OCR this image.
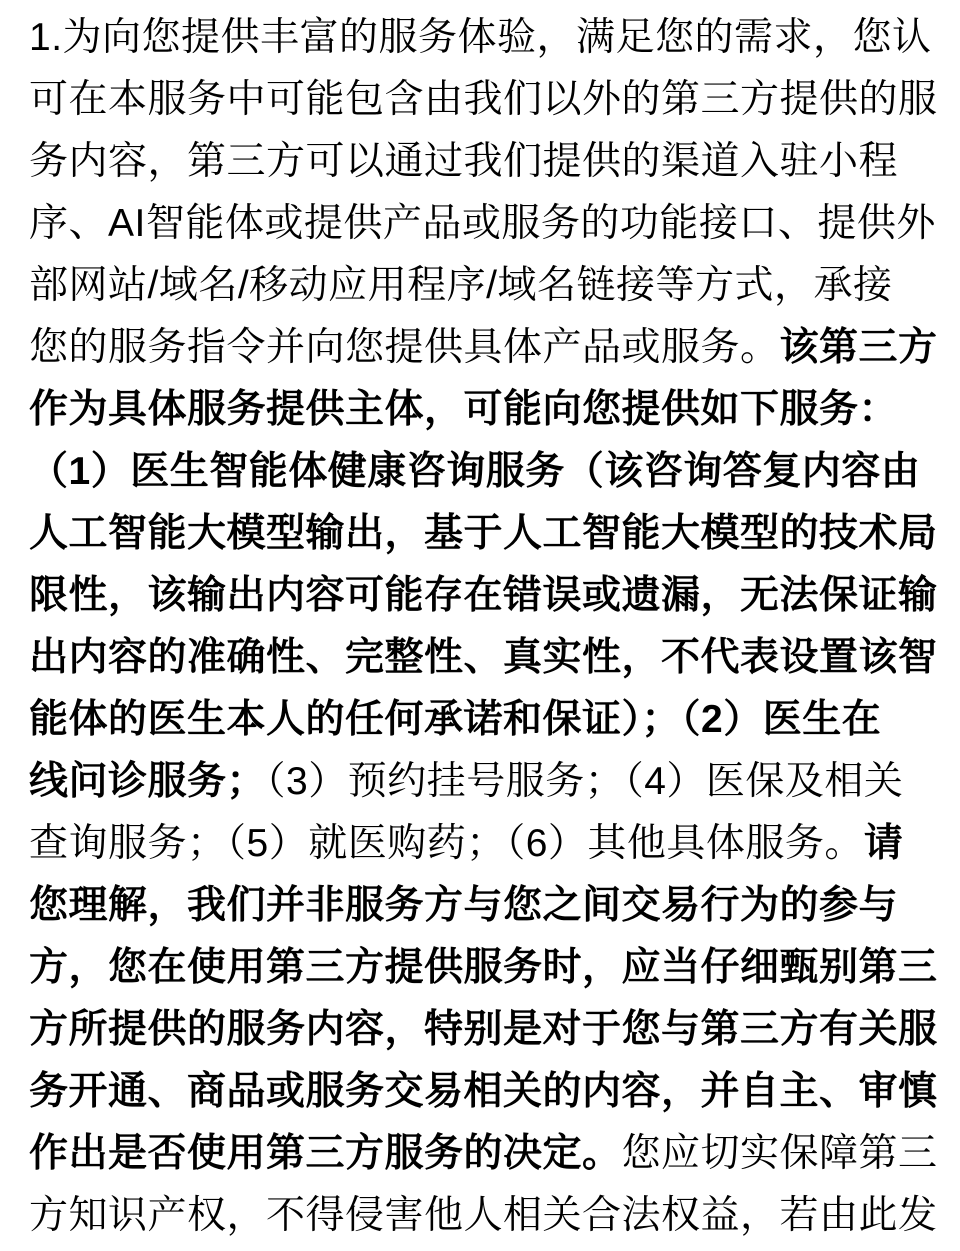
1.为向您提供丰富的服务体验，满足您的需求，您认
可在本服务中可能包含由我们以外的第三方提供的服
务内容，第三方可以通过我们提供的渠道入驻小程
序、AI智能体或提供产品或服务的功能接口、提供外
部网站/域名/移动应用程序/域名链接等方式，承接
您的服务指令并向您提供具体产品或服务。该第三方
作为具体服务提供主体，可能向您提供如下服务：
（1）医生智能体健康咨询服务（该咨询答复内容由
人工智能大模型输出，基于人工智能大模型的技术局
限性，该输出内容可能存在错误或遗漏，无法保证输
出内容的准确性、完整性、真实性，不代表设置该智
能体的医生本人的任何承诺和保证）；（2）医生在
线问诊服务；（3）预约挂号服务；（4）医保及相关
查询服务；（5）就医购药；（6）其他具体服务。请
您理解，我们并非服务方与您之间交易行为的参与
方，您在使用第三方提供服务时，应当仔细甄别第三
方所提供的服务内容，特别是对于您与第三方有关服
务开通、商品或服务交易相关的内容，并自主、审慎
作出是否使用第三方服务的决定。您应切实保障第三
方知识产权，不得侵害他人相关合法权益，若由此发
